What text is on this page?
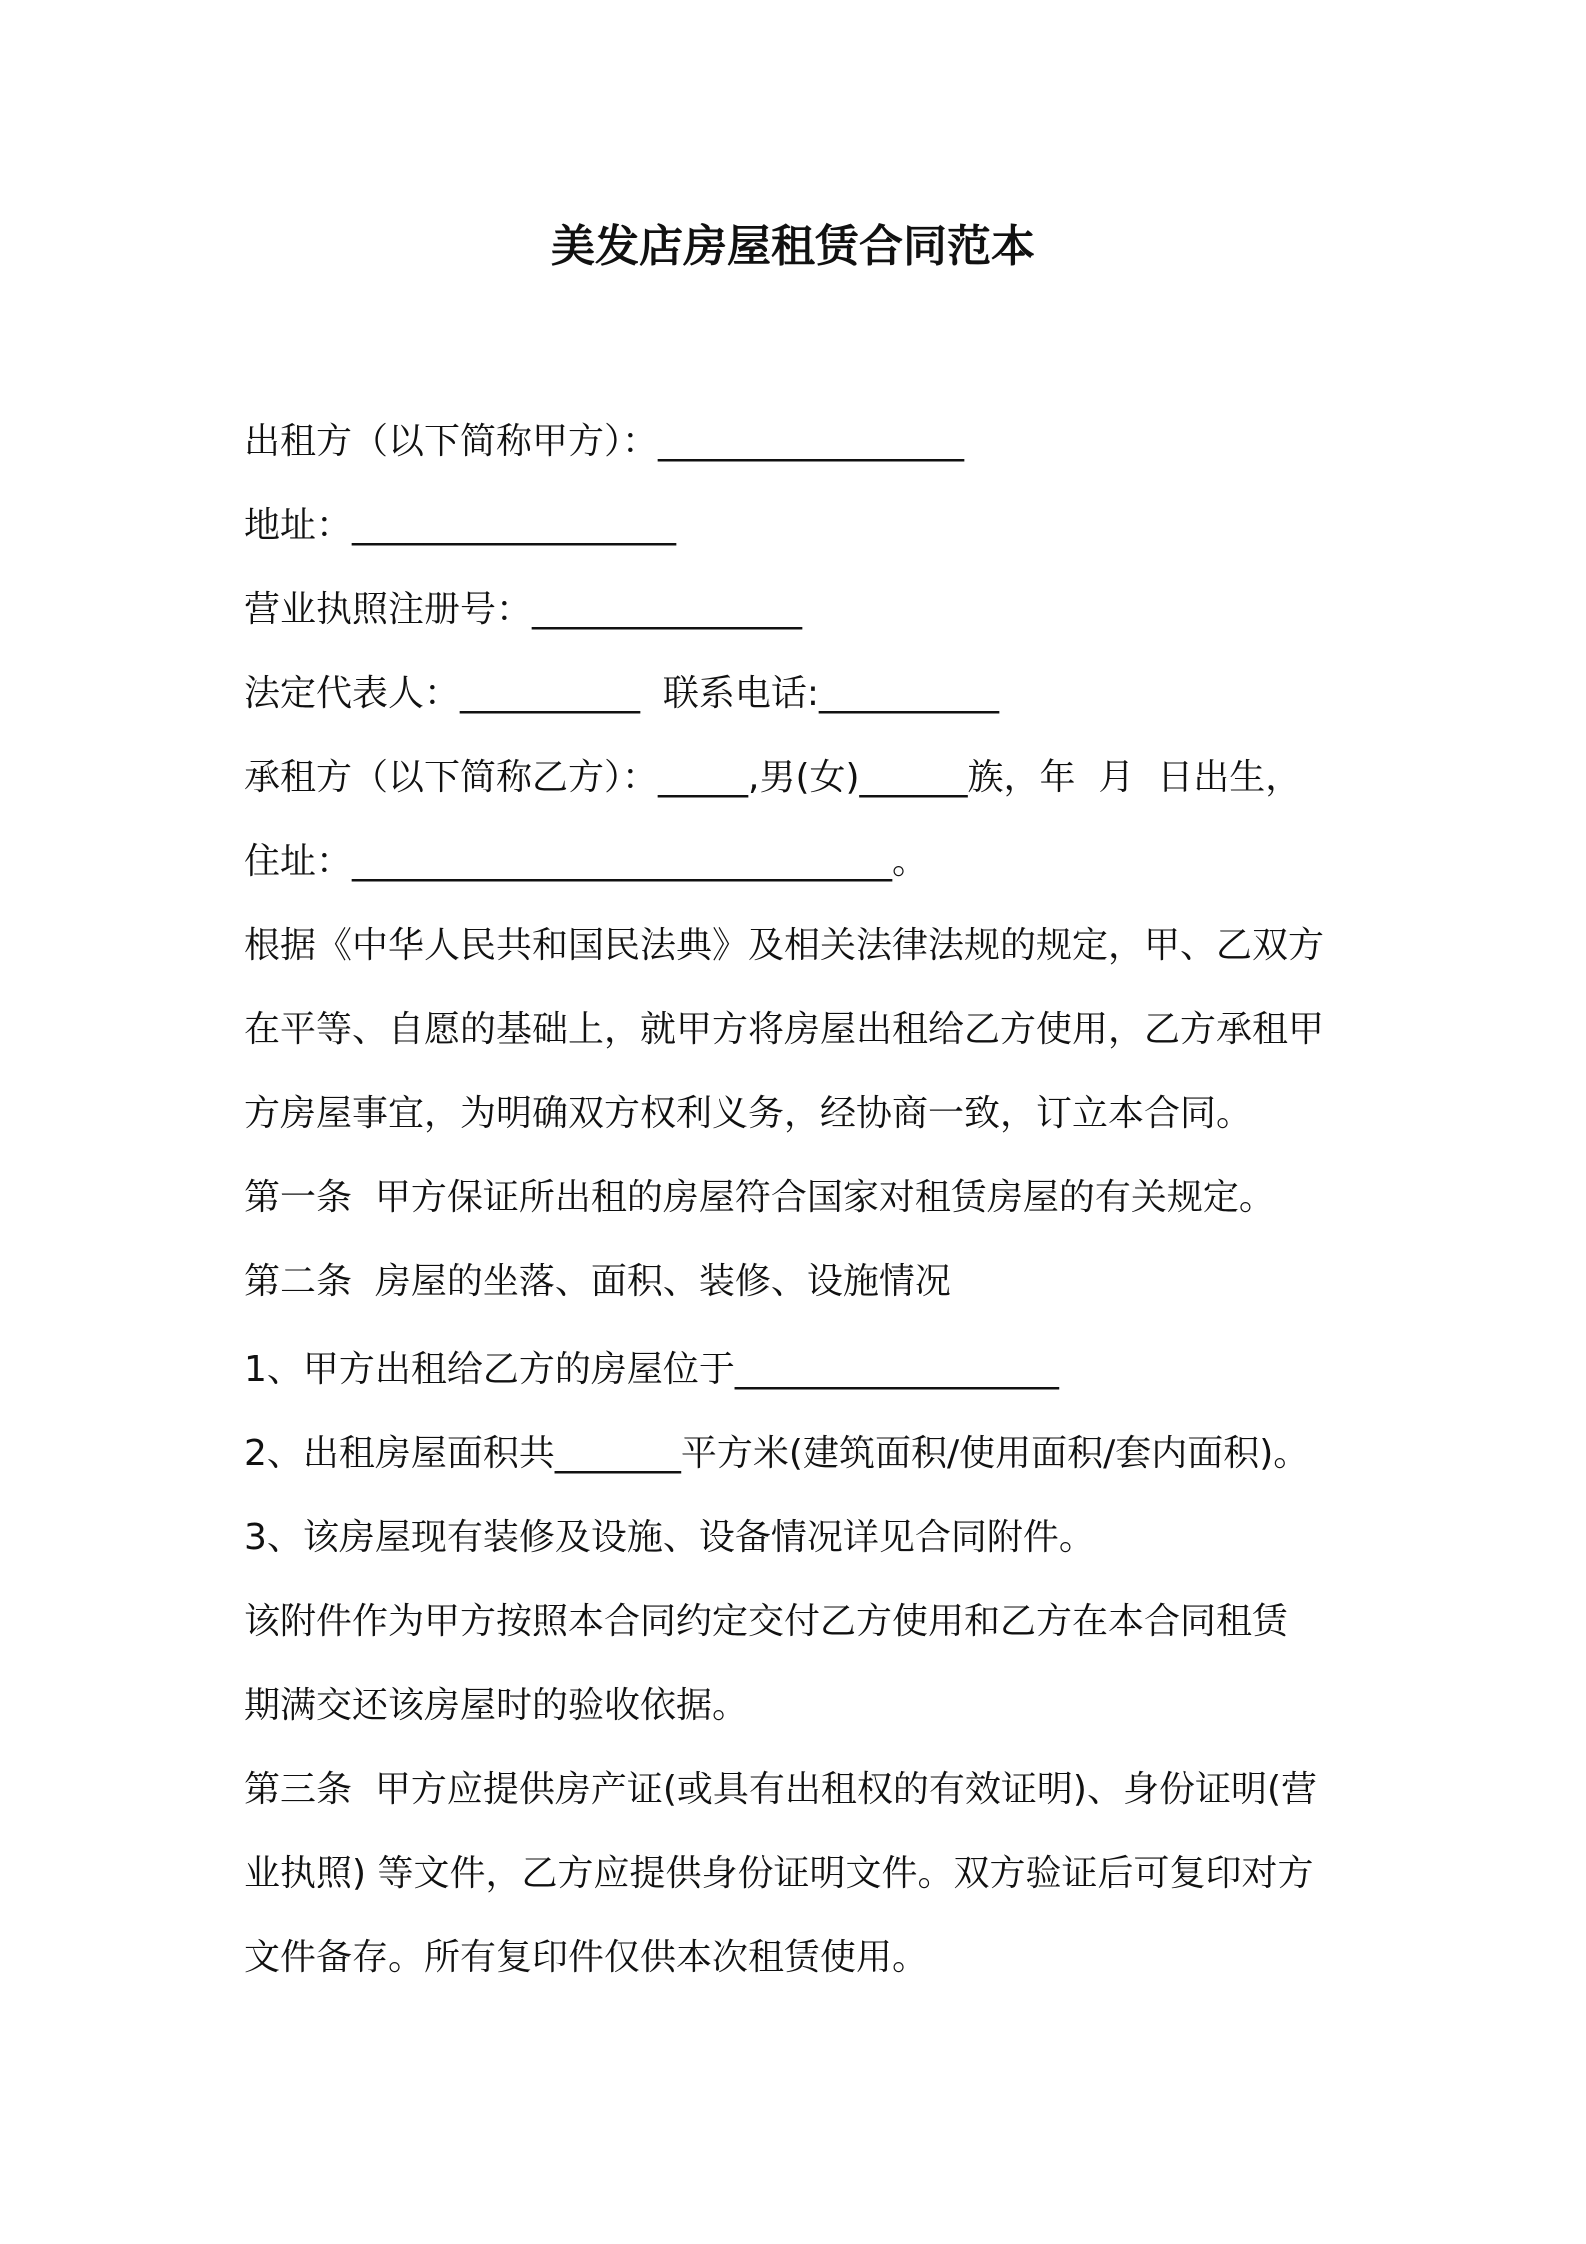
美发店房屋租赁合同范本
出租方（以下简称甲方）：_________________
地址：__________________
营业执照注册号：_______________
法定代表人：__________  联系电话:__________
承租方（以下简称乙方）：_____,男(女)______族，年  月  日出生，
住址：______________________________。
根据《中华人民共和国民法典》及相关法律法规的规定，甲、乙双方
在平等、自愿的基础上，就甲方将房屋出租给乙方使用，乙方承租甲
方房屋事宜，为明确双方权利义务，经协商一致，订立本合同。
第一条  甲方保证所出租的房屋符合国家对租赁房屋的有关规定。
第二条  房屋的坐落、面积、装修、设施情况
1、甲方出租给乙方的房屋位于__________________
2、出租房屋面积共_______平方米(建筑面积/使用面积/套内面积)。
3、该房屋现有装修及设施、设备情况详见合同附件。
该附件作为甲方按照本合同约定交付乙方使用和乙方在本合同租赁
期满交还该房屋时的验收依据。
第三条  甲方应提供房产证(或具有出租权的有效证明)、身份证明(营
业执照) 等文件，乙方应提供身份证明文件。双方验证后可复印对方
文件备存。所有复印件仅供本次租赁使用。
